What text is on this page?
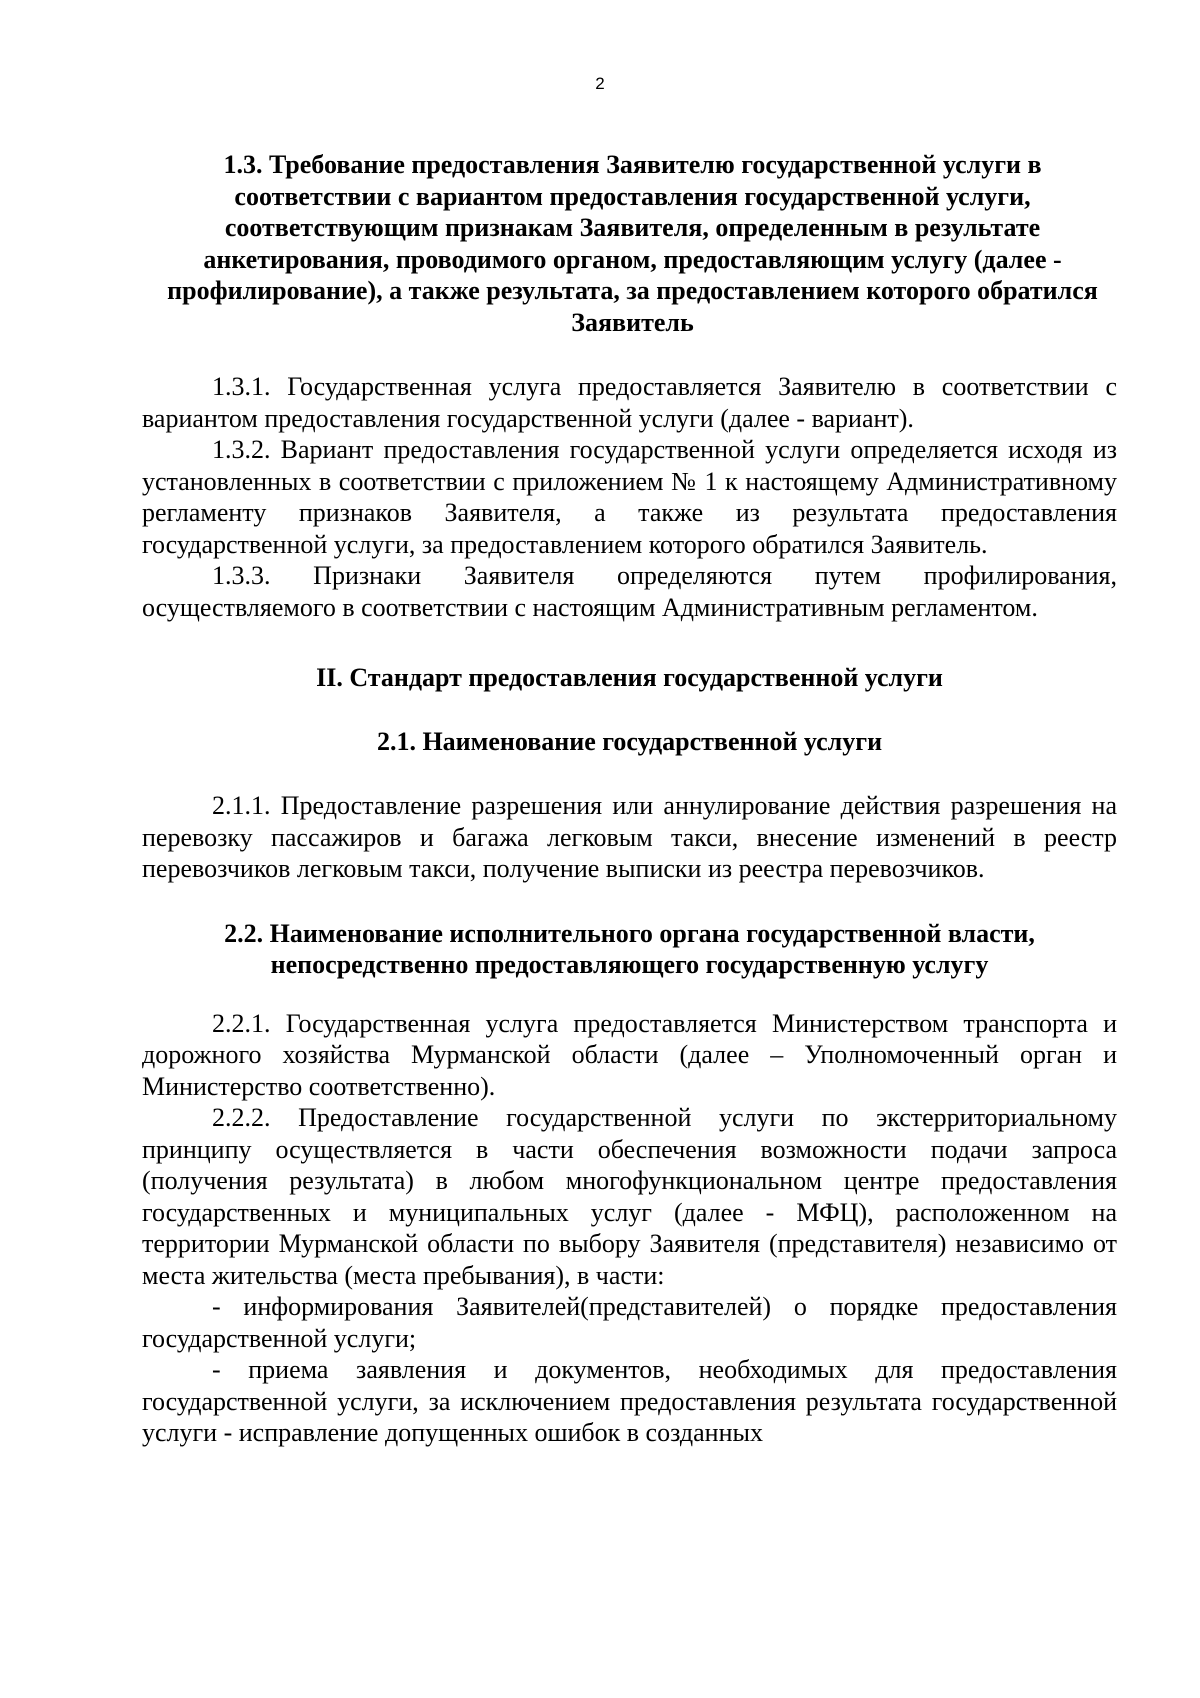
2

1.3. Требование предоставления Заявителю государственной услуги в соответствии с вариантом предоставления государственной услуги, соответствующим признакам Заявителя, определенным в результате анкетирования, проводимого органом, предоставляющим услугу (далее - профилирование), а также результата, за предоставлением которого обратился Заявитель

1.3.1. Государственная услуга предоставляется Заявителю в соответствии с вариантом предоставления государственной услуги (далее - вариант).

1.3.2. Вариант предоставления государственной услуги определяется исходя из установленных в соответствии с приложением № 1 к настоящему Административному регламенту признаков Заявителя, а также из результата предоставления государственной услуги, за предоставлением которого обратился Заявитель.

1.3.3. Признаки Заявителя определяются путем профилирования, осуществляемого в соответствии с настоящим Административным регламентом.

II. Стандарт предоставления государственной услуги

2.1. Наименование государственной услуги

2.1.1. Предоставление разрешения или аннулирование действия разрешения на перевозку пассажиров и багажа легковым такси, внесение изменений в реестр перевозчиков легковым такси, получение выписки из реестра перевозчиков.

2.2. Наименование исполнительного органа государственной власти, непосредственно предоставляющего государственную услугу

2.2.1. Государственная услуга предоставляется Министерством транспорта и дорожного хозяйства Мурманской области (далее – Уполномоченный орган и Министерство соответственно).

2.2.2. Предоставление государственной услуги по экстерриториальному принципу осуществляется в части обеспечения возможности подачи запроса (получения результата) в любом многофункциональном центре предоставления государственных и муниципальных услуг (далее - МФЦ), расположенном на территории Мурманской области по выбору Заявителя (представителя) независимо от места жительства (места пребывания), в части:

- информирования Заявителей(представителей) о порядке предоставления государственной услуги;

- приема заявления и документов, необходимых для предоставления государственной услуги, за исключением предоставления результата государственной услуги - исправление допущенных ошибок в созданных
